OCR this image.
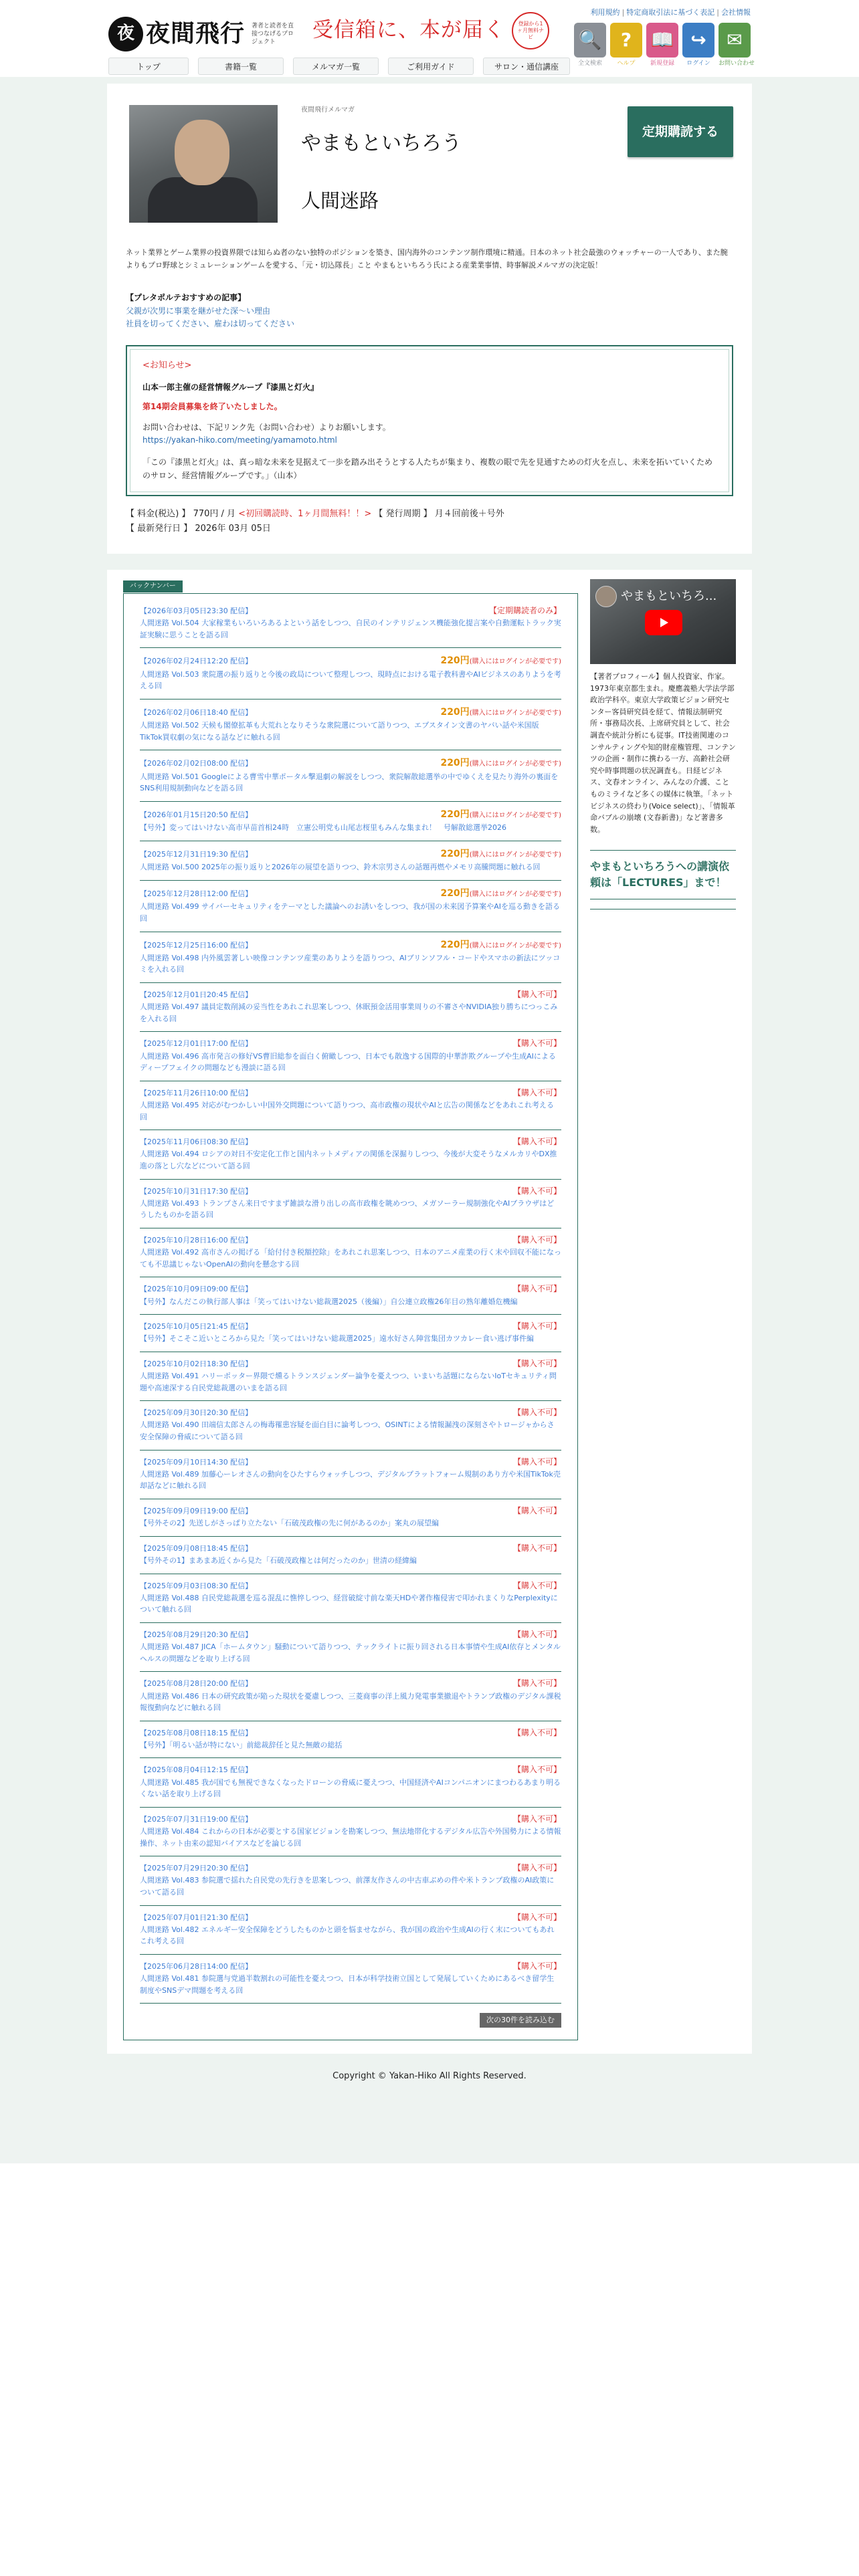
夜 夜間飛行 著者と読者を直接つなげるプロジェクト	受信箱に、本が届く	登録から1ヶ月無料ナビ
利用規約 | 特定商取引法に基づく表記 | 会社情報
🔍
全文検索
?
ヘルプ
📖
新規登録
↪
ログイン
✉
お問い合わせ
トップ	書籍一覧	メルマガ一覧	ご利用ガイド	サロン・通信講座
夜間飛行メルマガ
やまもといちろう
人間迷路
定期購読する

ネット業界とゲーム業界の投資界隈では知らぬ者のない独特のポジションを築き、国内海外のコンテンツ制作環境に精通。日本のネット社会最強のウォッチャーの一人であり、また腕よりもプロ野球とシミュレーションゲームを愛する、「元・切込隊長」こと やまもといちろう氏による産業業事情、時事解説メルマガの決定版！

【プレタポルテおすすめの記事】
父親が次男に事業を継がせた深〜い理由
社員を切ってください、雇わは切ってください
<お知らせ>
山本一郎主催の経営情報グループ『漆黒と灯火』
第14期会員募集を終了いたしました。
お問い合わせは、下記リンク先（お問い合わせ）よりお願いします。
https://yakan-hiko.com/meeting/yamamoto.html
「この『漆黒と灯火』は、真っ暗な未来を見据えて一歩を踏み出そうとする人たちが集まり、複数の眼で先を見通すための灯火を点し、未来を拓いていくためのサロン、経営情報グループです。」（山本）
【 料金(税込) 】 770円 / 月 <初回購読時、1ヶ月間無料！！> 【 発行周期 】 月４回前後＋号外
【 最新発行日 】 2026年 03月 05日
バックナンバー
【2026年03月05日23:30 配信】	【定期購読者のみ】
人間迷路 Vol.504 大家稼業もいろいろあるよという話をしつつ、自民のインテリジェンス機能強化提言案や自動運転トラック実証実験に思うことを語る回
【2026年02月24日12:20 配信】	220円(購入にはログインが必要です)
人間迷路 Vol.503 衆院選の振り返りと今後の政局について整理しつつ、現時点における電子教科書やAIビジネスのありようを考える回
【2026年02月06日18:40 配信】	220円(購入にはログインが必要です)
人間迷路 Vol.502 天候も閣僚拡革も大荒れとなりそうな衆院選について語りつつ、エプスタイン文書のヤバい話や米国版TikTok買収劇の気になる話などに触れる回
【2026年02月02日08:00 配信】	220円(購入にはログインが必要です)
人間迷路 Vol.501 Googleによる曹雪中華ポータル撃退劇の解説をしつつ、衆院解散総選挙の中でゆくえを見たり海外の裏面をSNS利用規制動向などを語る回
【2026年01月15日20:50 配信】	220円(購入にはログインが必要です)
【号外】変ってはいけない高市早苗首相24時　立憲公明党も山尾志桜里もみんな集まれ！　号解散総選挙2026
【2025年12月31日19:30 配信】	220円(購入にはログインが必要です)
人間迷路 Vol.500 2025年の振り返りと2026年の展望を語りつつ、鈴木宗男さんの話題再燃やメモリ高騰問題に触れる回
【2025年12月28日12:00 配信】	220円(購入にはログインが必要です)
人間迷路 Vol.499 サイバーセキュリティをテーマとした議論へのお誘いをしつつ、我が国の未来図予算案やAIを巡る動きを語る回
【2025年12月25日16:00 配信】	220円(購入にはログインが必要です)
人間迷路 Vol.498 内外風雲著しい映像コンテンツ産業のありようを語りつつ、AIブリンソフル・コードやスマホの新法にツッコミを入れる回
【2025年12月01日20:45 配信】	【購入不可】
人間迷路 Vol.497 議員定数削減の妥当性をあれこれ思案しつつ、休眠預金活用事業周りの不審さやNVIDIA独り勝ちにつっこみを入れる回
【2025年12月01日17:00 配信】	【購入不可】
人間迷路 Vol.496 高市発言の修好VS曹旧総参を面白く俯瞰しつつ、日本でも散逸する国際的中華詐欺グループや生成AIによるディープフェイクの問題なども漫談に語る回
【2025年11月26日10:00 配信】	【購入不可】
人間迷路 Vol.495 対応がむつかしい中国外交問題について語りつつ、高市政権の現状やAIと広告の関係などをあれこれ考える回
【2025年11月06日08:30 配信】	【購入不可】
人間迷路 Vol.494 ロシアの対日不安定化工作と国内ネットメディアの関係を深掘りしつつ、今後が大変そうなメルカリやDX推進の落とし穴などについて語る回
【2025年10月31日17:30 配信】	【購入不可】
人間迷路 Vol.493 トランプさん来日ですまず雑談な滑り出しの高市政権を眺めつつ、メガソーラー規制強化やAIブラウザはどうしたものかを語る回
【2025年10月28日16:00 配信】	【購入不可】
人間迷路 Vol.492 高市さんの掲げる「給付付き税額控除」をあれこれ思案しつつ、日本のアニメ産業の行く末や回収不能になっても不思議じゃないOpenAIの動向を懸念する回
【2025年10月09日09:00 配信】	【購入不可】
【号外】なんだこの執行部人事は「笑ってはいけない総裁選2025（後編）」自公連立政権26年目の熟年離婚危機編
【2025年10月05日21:45 配信】	【購入不可】
【号外】そこそこ近いところから見た「笑ってはいけない総裁選2025」遠水好さん陣営集団カツカレー食い逃げ事件編
【2025年10月02日18:30 配信】	【購入不可】
人間迷路 Vol.491 ハリーポッター界隈で燻るトランスジェンダー論争を憂えつつ、いまいち話題にならないIoTセキュリティ問題や高速深する自民党総裁選のいまを語る回
【2025年09月30日20:30 配信】	【購入不可】
人間迷路 Vol.490 田端信太郎さんの梅毒罹患容疑を面白目に論考しつつ、OSINTによる情報漏洩の深刻さやトロージャからさ安全保障の脅威について語る回
【2025年09月10日14:30 配信】	【購入不可】
人間迷路 Vol.489 加藤心ーレオさんの動向をひたすらウォッチしつつ、デジタルプラットフォーム規制のあり方や米国TikTok売却話などに触れる回
【2025年09月09日19:00 配信】	【購入不可】
【号外その2】先送しがさっぱり立たない「石破茂政権の先に何があるのか」案丸の展望編
【2025年09月08日18:45 配信】	【購入不可】
【号外その1】まあまあ近くから見た「石破茂政権とは何だったのか」世清の経緯編
【2025年09月03日08:30 配信】	【購入不可】
人間迷路 Vol.488 自民党総裁選を巡る混乱に憔悴しつつ、経営破綻寸前な楽天HDや著作権侵害で叩かれまくりなPerplexityについて触れる回
【2025年08月29日20:30 配信】	【購入不可】
人間迷路 Vol.487 JICA「ホームタウン」騒動について語りつつ、テックライトに振り回される日本事情や生成AI依存とメンタルヘルスの問題などを取り上げる回
【2025年08月28日20:00 配信】	【購入不可】
人間迷路 Vol.486 日本の研究政策が陥った現状を憂慮しつつ、三菱商事の洋上風力発電事業撤退やトランプ政権のデジタル課税報復動向などに触れる回
【2025年08月08日18:15 配信】	【購入不可】
【号外】「明るい話が特にない」前総裁辞任と見た無敵の総括
【2025年08月04日12:15 配信】	【購入不可】
人間迷路 Vol.485 我が国でも無視できなくなったドローンの脅威に憂えつつ、中国経済やAIコンパニオンにまつわるあまり明るくない話を取り上げる回
【2025年07月31日19:00 配信】	【購入不可】
人間迷路 Vol.484 これからの日本が必要とする国家ビジョンを勘案しつつ、無法地帯化するデジタル広告や外国勢力による情報操作、ネット由来の認知バイアスなどを論じる回
【2025年07月29日20:30 配信】	【購入不可】
人間迷路 Vol.483 参院選で揺れた自民党の先行きを思案しつつ、前澤友作さんの中古車ぶめの件や米トランプ政権のAI政策について語る回
【2025年07月01日21:30 配信】	【購入不可】
人間迷路 Vol.482 エネルギー安全保障をどうしたものかと頭を悩ませながら、我が国の政治や生成AIの行く末についてもあれこれ考える回
【2025年06月28日14:00 配信】	【購入不可】
人間迷路 Vol.481 参院選与党過半数割れの可能性を憂えつつ、日本が科学技術立国として発展していくためにあるべき留学生制度やSNSデマ問題を考える回
次の30件を読み込む
やまもといちろ...

【著者プロフィール】個人投資家、作家。1973年東京都生まれ。慶應義塾大学法学部政治学科卒。東京大学政策ビジョン研究センター客員研究員を経て、情報法制研究所・事務局次長、上席研究員として、社会調査や統計分析にも従事。IT技術関連のコンサルティングや知的財産権管理、コンテンツの企画・制作に携わる一方、高齢社会研究や時事問題の状況調査も。日経ビジネス、文春オンライン、みんなの介護、ことものミライなど多くの媒体に執筆。「ネットビジネスの終わり(Voice select)」、「情報革命バブルの崩壊 (文春新書)」など著書多数。

やまもといちろうへの講演依頼は「LECTURES」まで！
Copyright © Yakan-Hiko All Rights Reserved.
